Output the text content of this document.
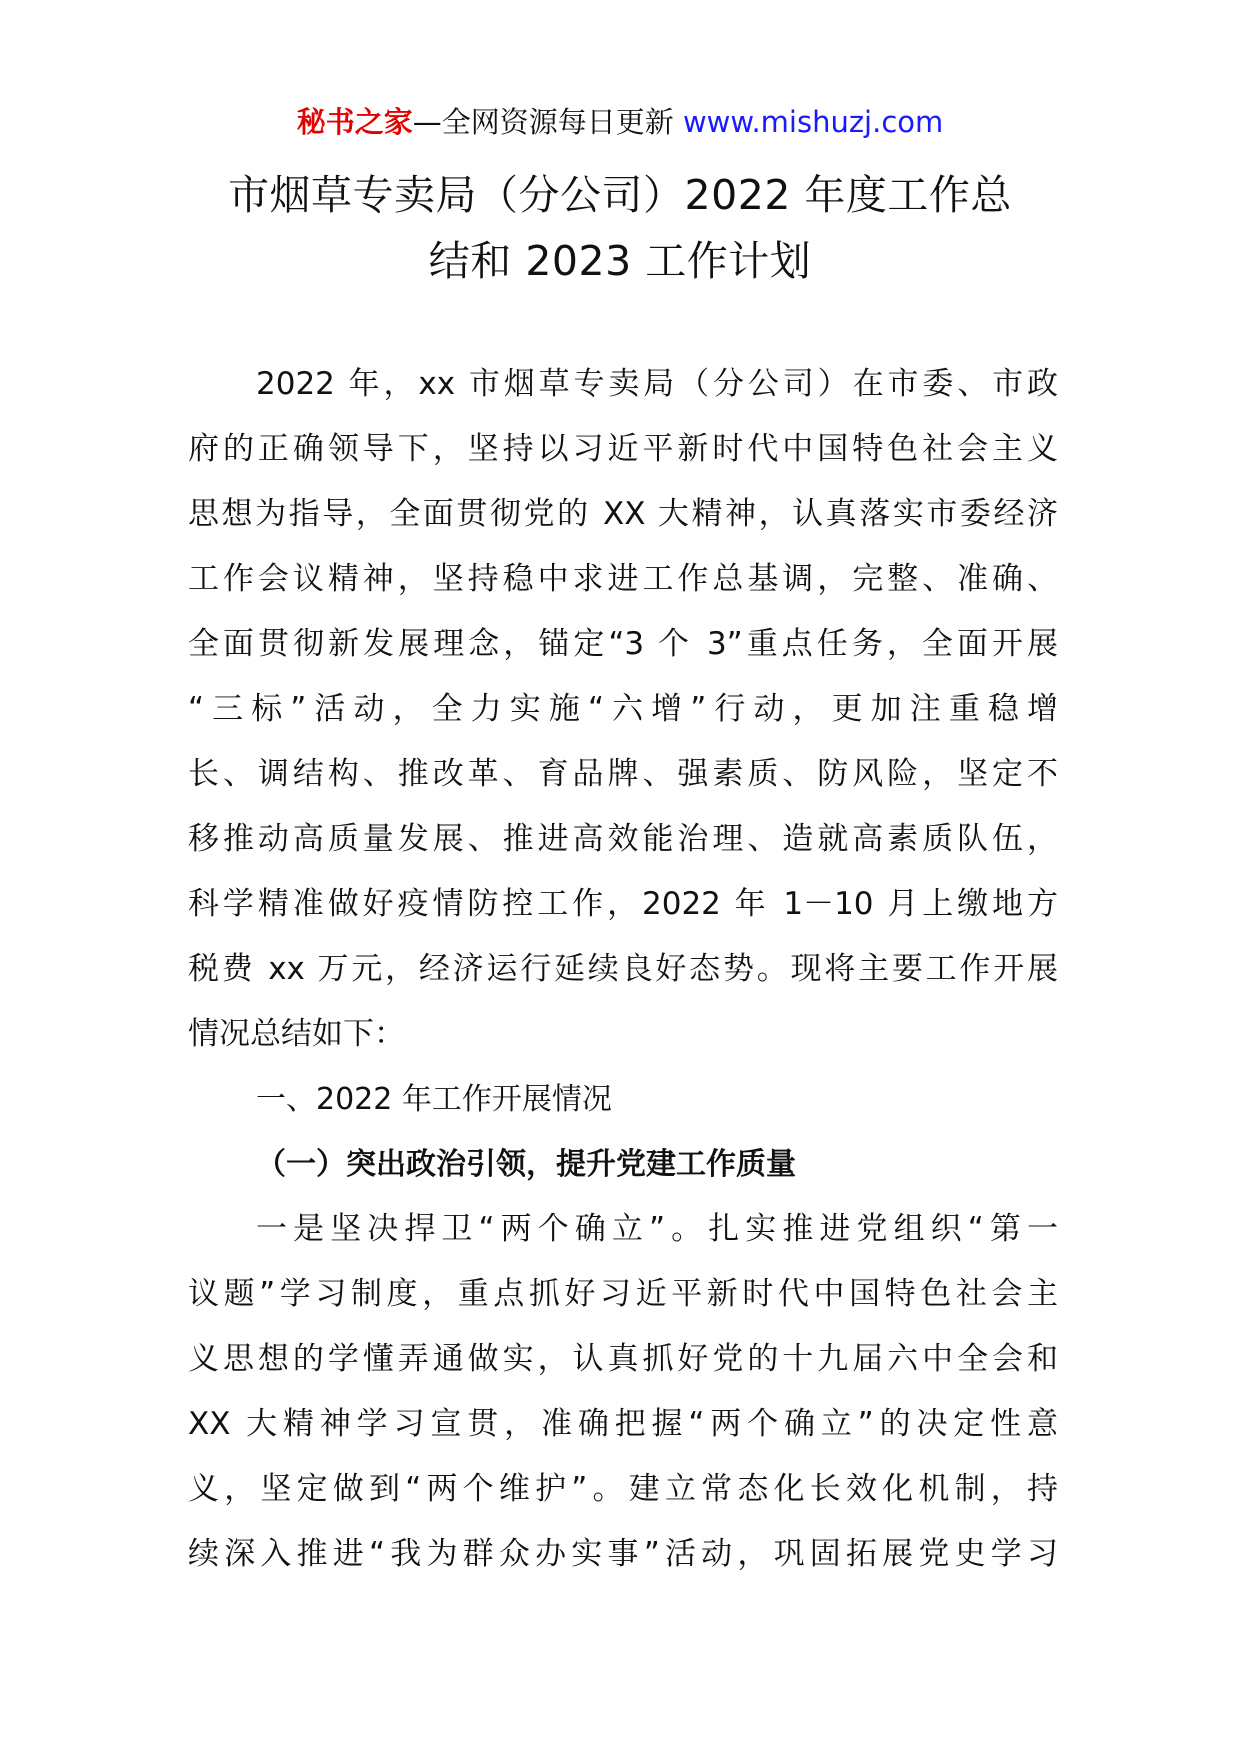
秘书之家—全网资源每日更新 www.mishuzj.com
市烟草专卖局（分公司）2022 年度工作总
结和 2023 工作计划
2022 年，xx 市烟草专卖局（分公司）在市委、市政
府的正确领导下，坚持以习近平新时代中国特色社会主义
思想为指导，全面贯彻党的 XX 大精神，认真落实市委经济
工作会议精神，坚持稳中求进工作总基调，完整、准确、
全面贯彻新发展理念，锚定“3 个 3”重点任务，全面开展
“三标”活动，全力实施“六增”行动，更加注重稳增
长、调结构、推改革、育品牌、强素质、防风险，坚定不
移推动高质量发展、推进高效能治理、造就高素质队伍，
科学精准做好疫情防控工作，2022 年 1－10 月上缴地方
税费 xx 万元，经济运行延续良好态势。现将主要工作开展
情况总结如下：
一、2022 年工作开展情况
（一）突出政治引领，提升党建工作质量
一是坚决捍卫“两个确立”。扎实推进党组织“第一
议题”学习制度，重点抓好习近平新时代中国特色社会主
义思想的学懂弄通做实，认真抓好党的十九届六中全会和
XX 大精神学习宣贯，准确把握“两个确立”的决定性意
义，坚定做到“两个维护”。建立常态化长效化机制，持
续深入推进“我为群众办实事”活动，巩固拓展党史学习
